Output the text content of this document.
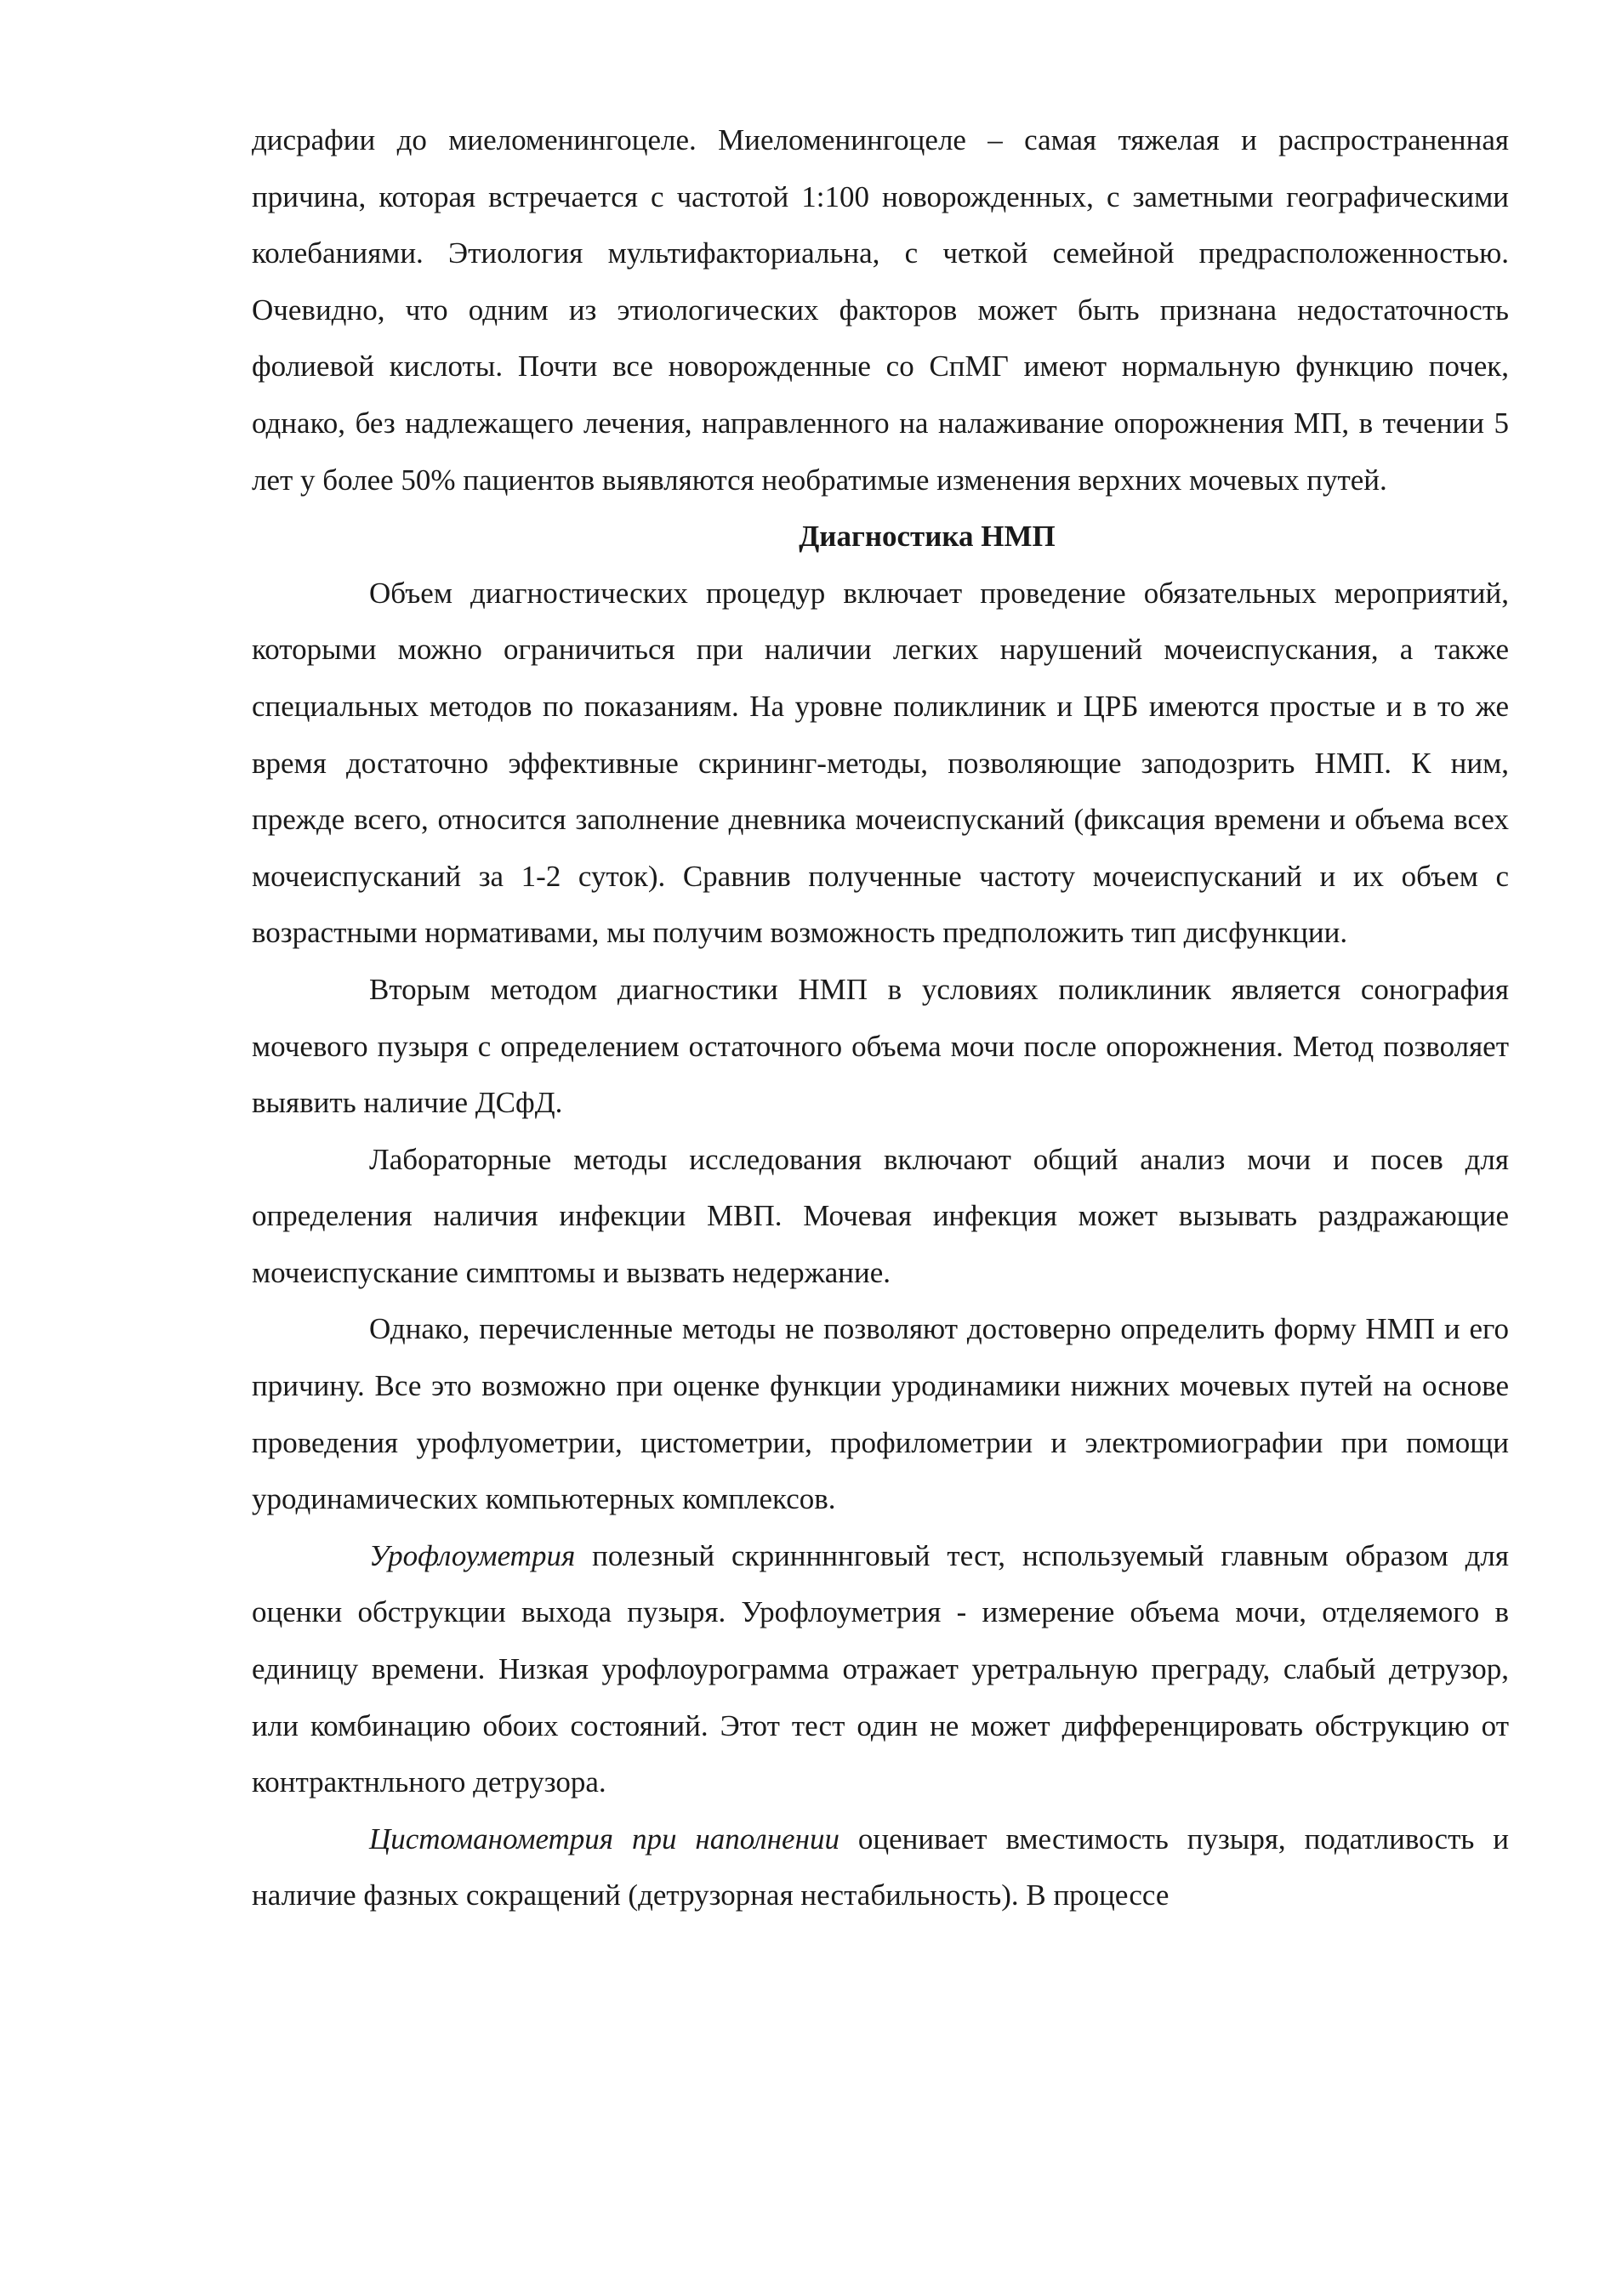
дисрафии до миеломенингоцеле. Миеломенингоцеле – самая тяжелая и распространенная причина, которая встречается с частотой 1:100 новорожденных, с заметными географическими колебаниями. Этиология мультифакториальна, с четкой семейной предрасположенностью. Очевидно, что одним из этиологических факторов может быть признана недостаточность фолиевой кислоты. Почти все новорожденные со СпМГ имеют нормальную функцию почек, однако, без надлежащего лечения, направленного на налаживание опорожнения МП, в течении 5 лет у более 50% пациентов выявляются необратимые изменения верхних мочевых путей.

Диагностика НМП

Объем диагностических процедур включает проведение обязательных мероприятий, которыми можно ограничиться при наличии легких нарушений мочеиспускания, а также специальных методов по показаниям. На уровне поликлиник и ЦРБ имеются простые и в то же время достаточно эффективные скрининг-методы, позволяющие заподозрить НМП. К ним, прежде всего, относится заполнение дневника мочеиспусканий (фиксация времени и объема всех мочеиспусканий за 1-2 суток). Сравнив полученные частоту мочеиспусканий и их объем с возрастными нормативами, мы получим возможность предположить тип дисфункции.

Вторым методом диагностики НМП в условиях поликлиник является сонография мочевого пузыря с определением остаточного объема мочи после опорожнения. Метод позволяет выявить наличие ДСфД.

Лабораторные методы исследования включают общий анализ мочи и посев для определения наличия инфекции МВП. Мочевая инфекция может вызывать раздражающие мочеиспускание симптомы и вызвать недержание.

Однако, перечисленные методы не позволяют достоверно определить форму НМП и его причину. Все это возможно при оценке функции уродинамики нижних мочевых путей на основе проведения урофлуометрии, цистометрии, профилометрии и электромиографии при помощи уродинамических компьютерных комплексов.

Урофлоуметрия полезный скриннннговый тест, нспользуемый главным образом для оценки обструкции выхода пузыря. Урофлоуметрия - измерение объема мочи, отделяемого в единицу времени. Низкая урофлоурограмма отражает уретральную преграду, слабый детрузор, или комбинацию обоих состояний. Этот тест один не может дифференцировать обструкцию от контрактнльного детрузора.

Цистоманометрия при наполнении оценивает вместимость пузыря, податливость и наличие фазных сокращений (детрузорная нестабильность). В процессе
